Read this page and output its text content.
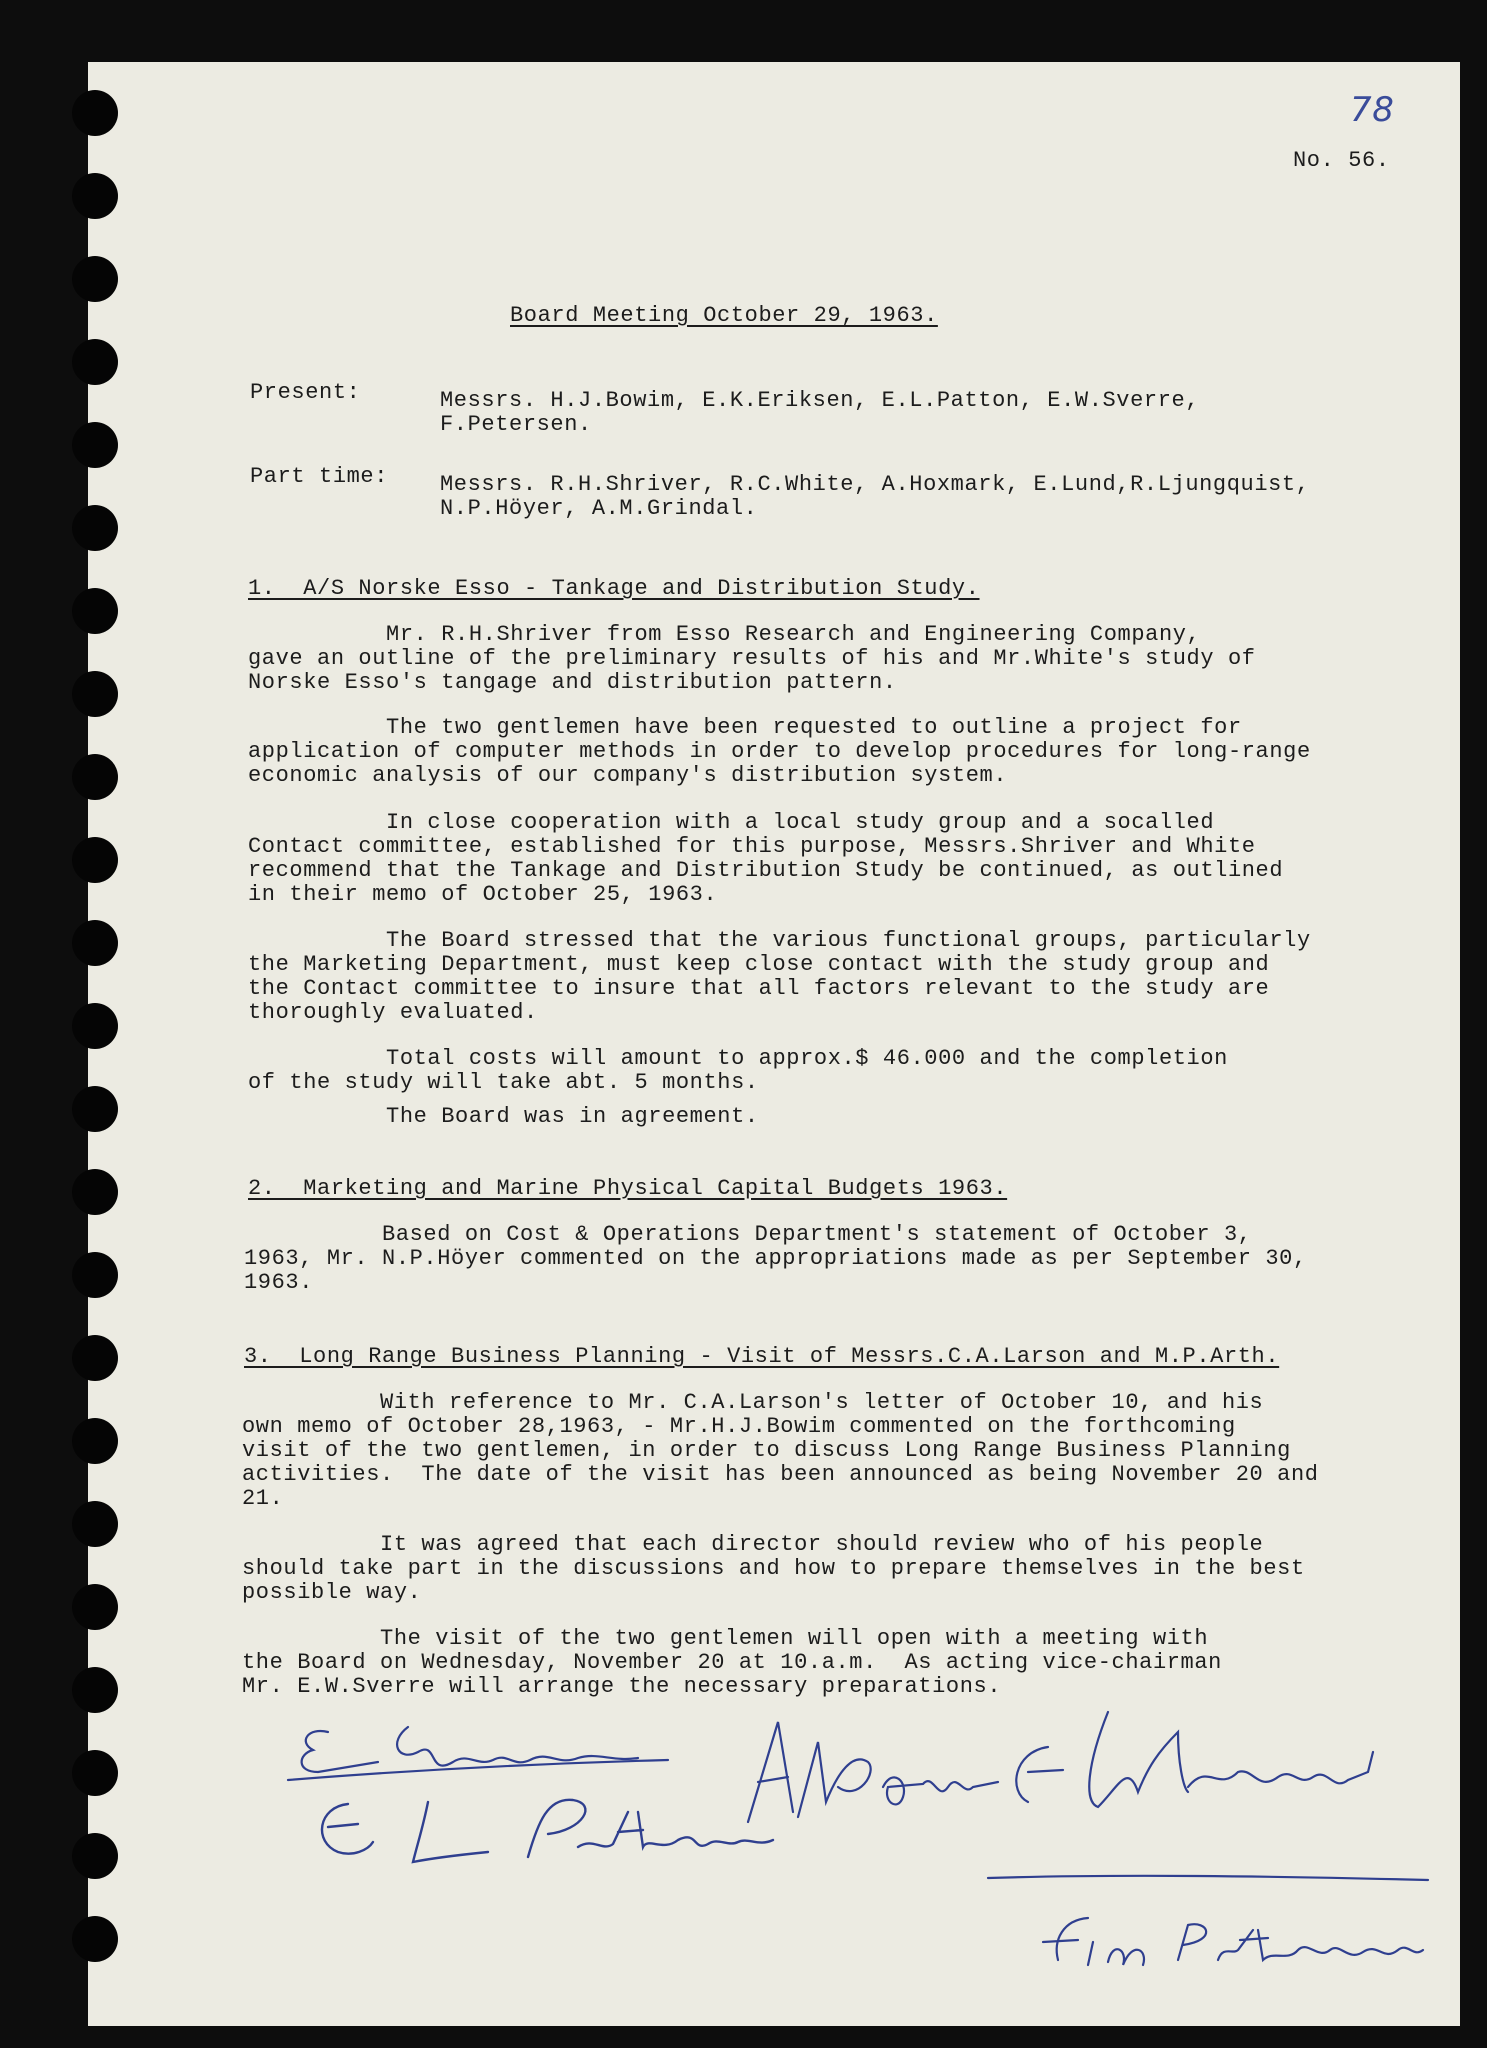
78
No. 56.
Board Meeting October 29, 1963.
Present:	Messrs. H.J.Bowim, E.K.Eriksen, E.L.Patton, E.W.Sverre,
F.Petersen.
Part time: Messrs. R.H.Shriver, R.C.White, A.Hoxmark, E.Lund,R.Ljungquist,
N.P.Höyer, A.M.Grindal.
1.  A/S Norske Esso - Tankage and Distribution Study.
Mr. R.H.Shriver from Esso Research and Engineering Company,
gave an outline of the preliminary results of his and Mr.White's study of
Norske Esso's tangage and distribution pattern.
The two gentlemen have been requested to outline a project for
application of computer methods in order to develop procedures for long-range
economic analysis of our company's distribution system.
In close cooperation with a local study group and a socalled
Contact committee, established for this purpose, Messrs.Shriver and White
recommend that the Tankage and Distribution Study be continued, as outlined
in their memo of October 25, 1963.
The Board stressed that the various functional groups, particularly
the Marketing Department, must keep close contact with the study group and
the Contact committee to insure that all factors relevant to the study are
thoroughly evaluated.
Total costs will amount to approx.$ 46.000 and the completion
of the study will take abt. 5 months.
The Board was in agreement.
2.  Marketing and Marine Physical Capital Budgets 1963.
Based on Cost & Operations Department's statement of October 3,
1963, Mr. N.P.Höyer commented on the appropriations made as per September 30,
1963.
3.  Long Range Business Planning - Visit of Messrs.C.A.Larson and M.P.Arth.
With reference to Mr. C.A.Larson's letter of October 10, and his
own memo of October 28,1963, - Mr.H.J.Bowim commented on the forthcoming
visit of the two gentlemen, in order to discuss Long Range Business Planning
activities.  The date of the visit has been announced as being November 20 and
21.
It was agreed that each director should review who of his people
should take part in the discussions and how to prepare themselves in the best
possible way.
The visit of the two gentlemen will open with a meeting with
the Board on Wednesday, November 20 at 10.a.m.  As acting vice-chairman
Mr. E.W.Sverre will arrange the necessary preparations.
